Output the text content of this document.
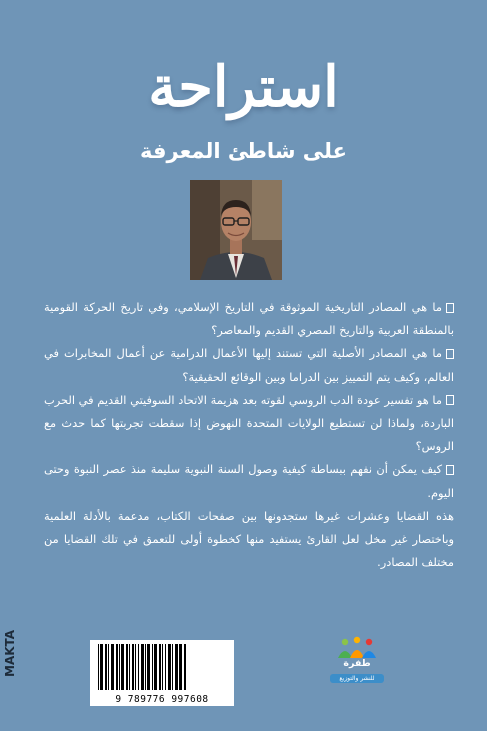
استراحة
على شاطئ المعرفة

ما هي المصادر التاريخية الموثوقة في التاريخ الإسلامي، وفي تاريخ الحركة القومية بالمنطقة العربية والتاريخ المصري القديم والمعاصر؟

ما هي المصادر الأصلية التي تستند إليها الأعمال الدرامية عن أعمال المخابرات في العالم، وكيف يتم التمييز بين الدراما وبين الوقائع الحقيقية؟

ما هو تفسير عودة الدب الروسي لقوته بعد هزيمة الاتحاد السوفيتي القديم في الحرب الباردة، ولماذا لن تستطيع الولايات المتحدة النهوض إذا سقطت تجربتها كما حدث مع الروس؟

كيف يمكن أن نفهم ببساطة كيفية وصول السنة النبوية سليمة منذ عصر النبوة وحتى اليوم.

هذه القضايا وعشرات غيرها ستجدونها بين صفحات الكتاب، مدعمة بالأدلة العلمية وباختصار غير مخل لعل القارئ يستفيد منها كخطوة أولى للتعمق في تلك القضايا من مختلف المصادر.

MAKTA
9 789776 997608
طفرة
للنشر والتوزيع
